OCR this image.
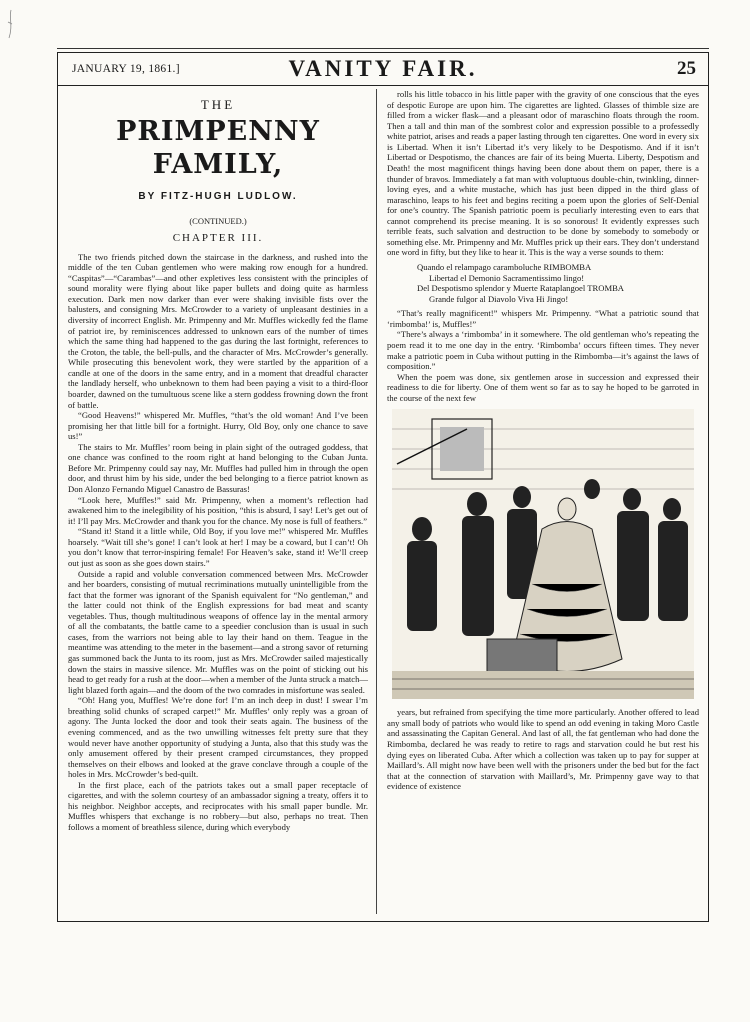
JANUARY 19, 1861.]	VANITY FAIR.	25
THE
PRIMPENNY FAMILY,
BY FITZ-HUGH LUDLOW.
(CONTINUED.)
CHAPTER III.

The two friends pitched down the staircase in the darkness, and rushed into the middle of the ten Cuban gentlemen who were making row enough for a hundred. “Caspitas”—“Carambas”—and other expletives less consistent with the principles of sound morality were flying about like paper bullets and doing quite as harmless execution. Dark men now darker than ever were shaking invisible fists over the balusters, and consigning Mrs. McCrowder to a variety of unpleasant destinies in a diversity of incorrect English. Mr. Primpenny and Mr. Muffles wickedly fed the flame of patriot ire, by reminiscences addressed to unknown ears of the number of times which the same thing had happened to the gas during the last fortnight, references to the Croton, the table, the bell-pulls, and the character of Mrs. McCrowder’s generally. While prosecuting this benevolent work, they were startled by the apparition of a candle at one of the doors in the same entry, and in a moment that dreadful character the landlady herself, who unbeknown to them had been paying a visit to a third-floor boarder, dawned on the tumultuous scene like a stern goddess frowning down the front of battle.

“Good Heavens!” whispered Mr. Muffles, “that’s the old woman! And I’ve been promising her that little bill for a fortnight. Hurry, Old Boy, only one chance to save us!”

The stairs to Mr. Muffles’ room being in plain sight of the outraged goddess, that one chance was confined to the room right at hand belonging to the Cuban Junta. Before Mr. Primpenny could say nay, Mr. Muffles had pulled him in through the open door, and thrust him by his side, under the bed belonging to a fierce patriot known as Don Alonzo Fernando Miguel Canastro de Bassuras!

“Look here, Muffles!” said Mr. Primpenny, when a moment’s reflection had awakened him to the inelegibility of his position, “this is absurd, I say! Let’s get out of it! I’ll pay Mrs. McCrowder and thank you for the chance. My nose is full of feathers.”

“Stand it! Stand it a little while, Old Boy, if you love me!” whispered Mr. Muffles hoarsely. “Wait till she’s gone! I can’t look at her! I may be a coward, but I can’t! Oh you don’t know that terror-inspiring female! For Heaven’s sake, stand it! We’ll creep out just as soon as she goes down stairs.”

Outside a rapid and voluble conversation commenced between Mrs. McCrowder and her boarders, consisting of mutual recriminations mutually unintelligible from the fact that the former was ignorant of the Spanish equivalent for “No gentleman,” and the latter could not think of the English expressions for bad meat and scanty vegetables. Thus, though multitudinous weapons of offence lay in the mental armory of all the combatants, the battle came to a speedier conclusion than is usual in such cases, from the warriors not being able to lay their hand on them. Teague in the meantime was attending to the meter in the basement—and a strong savor of returning gas summoned back the Junta to its room, just as Mrs. McCrowder sailed majestically down the stairs in massive silence. Mr. Muffles was on the point of sticking out his head to get ready for a rush at the door—when a member of the Junta struck a match—light blazed forth again—and the doom of the two comrades in misfortune was sealed.

“Oh! Hang you, Muffles! We’re done for! I’m an inch deep in dust! I swear I’m breathing solid chunks of scraped carpet!” Mr. Muffles’ only reply was a groan of agony. The Junta locked the door and took their seats again. The business of the evening commenced, and as the two unwilling witnesses felt pretty sure that they would never have another opportunity of studying a Junta, also that this study was the only amusement offered by their present cramped circumstances, they propped themselves on their elbows and looked at the grave conclave through a couple of the holes in Mrs. McCrowder’s bed-quilt.

In the first place, each of the patriots takes out a small paper receptacle of cigarettes, and with the solemn courtesy of an ambassador signing a treaty, offers it to his neighbor. Neighbor accepts, and reciprocates with his small paper bundle. Mr. Muffles whispers that exchange is no robbery—but also, perhaps no treat. Then follows a moment of breathless silence, during which everybody

rolls his little tobacco in his little paper with the gravity of one conscious that the eyes of despotic Europe are upon him. The cigarettes are lighted. Glasses of thimble size are filled from a wicker flask—and a pleasant odor of maraschino floats through the room. Then a tall and thin man of the sombrest color and expression possible to a professedly white patriot, arises and reads a paper lasting through ten cigarettes. One word in every six is Libertad. When it isn’t Libertad it’s very likely to be Despotismo. And if it isn’t Libertad or Despotismo, the chances are fair of its being Muerta. Liberty, Despotism and Death! the most magnificent things having been done about them on paper, there is a thunder of bravos. Immediately a fat man with voluptuous double-chin, twinkling, dinner-loving eyes, and a white mustache, which has just been dipped in the third glass of maraschino, leaps to his feet and begins reciting a poem upon the glories of Self-Denial for one’s country. The Spanish patriotic poem is peculiarly interesting even to ears that cannot comprehend its precise meaning. It is so sonorous! It evidently expresses such terrible feats, such salvation and destruction to be done by somebody to somebody or something else. Mr. Primpenny and Mr. Muffles prick up their ears. They don’t understand one word in fifty, but they like to hear it. This is the way a verse sounds to them:

Quando el relampago caramboluche RIMBOMBA
Libertad el Demonio Sacramentissimo lingo!
Del Despotismo splendor y Muerte Rataplangoel TROMBA
Grande fulgor al Diavolo Viva Hi Jingo!

“That’s really magnificent!” whispers Mr. Primpenny. “What a patriotic sound that ‘rimbomba!’ is, Muffles!”

“There’s always a ‘rimbomba’ in it somewhere. The old gentleman who’s repeating the poem read it to me one day in the entry. ‘Rimbomba’ occurs fifteen times. They never make a patriotic poem in Cuba without putting in the Rimbomba—it’s against the laws of composition.”

When the poem was done, six gentlemen arose in succession and expressed their readiness to die for liberty. One of them went so far as to say he hoped to be garroted in the course of the next few

years, but refrained from specifying the time more particularly. Another offered to lead any small body of patriots who would like to spend an odd evening in taking Moro Castle and assassinating the Capitan General. And last of all, the fat gentleman who had done the Rimbomba, declared he was ready to retire to rags and starvation could he but rest his dying eyes on liberated Cuba. After which a collection was taken up to pay for supper at Maillard’s. All might now have been well with the prisoners under the bed but for the fact that at the connection of starvation with Maillard’s, Mr. Primpenny gave way to that evidence of existence
